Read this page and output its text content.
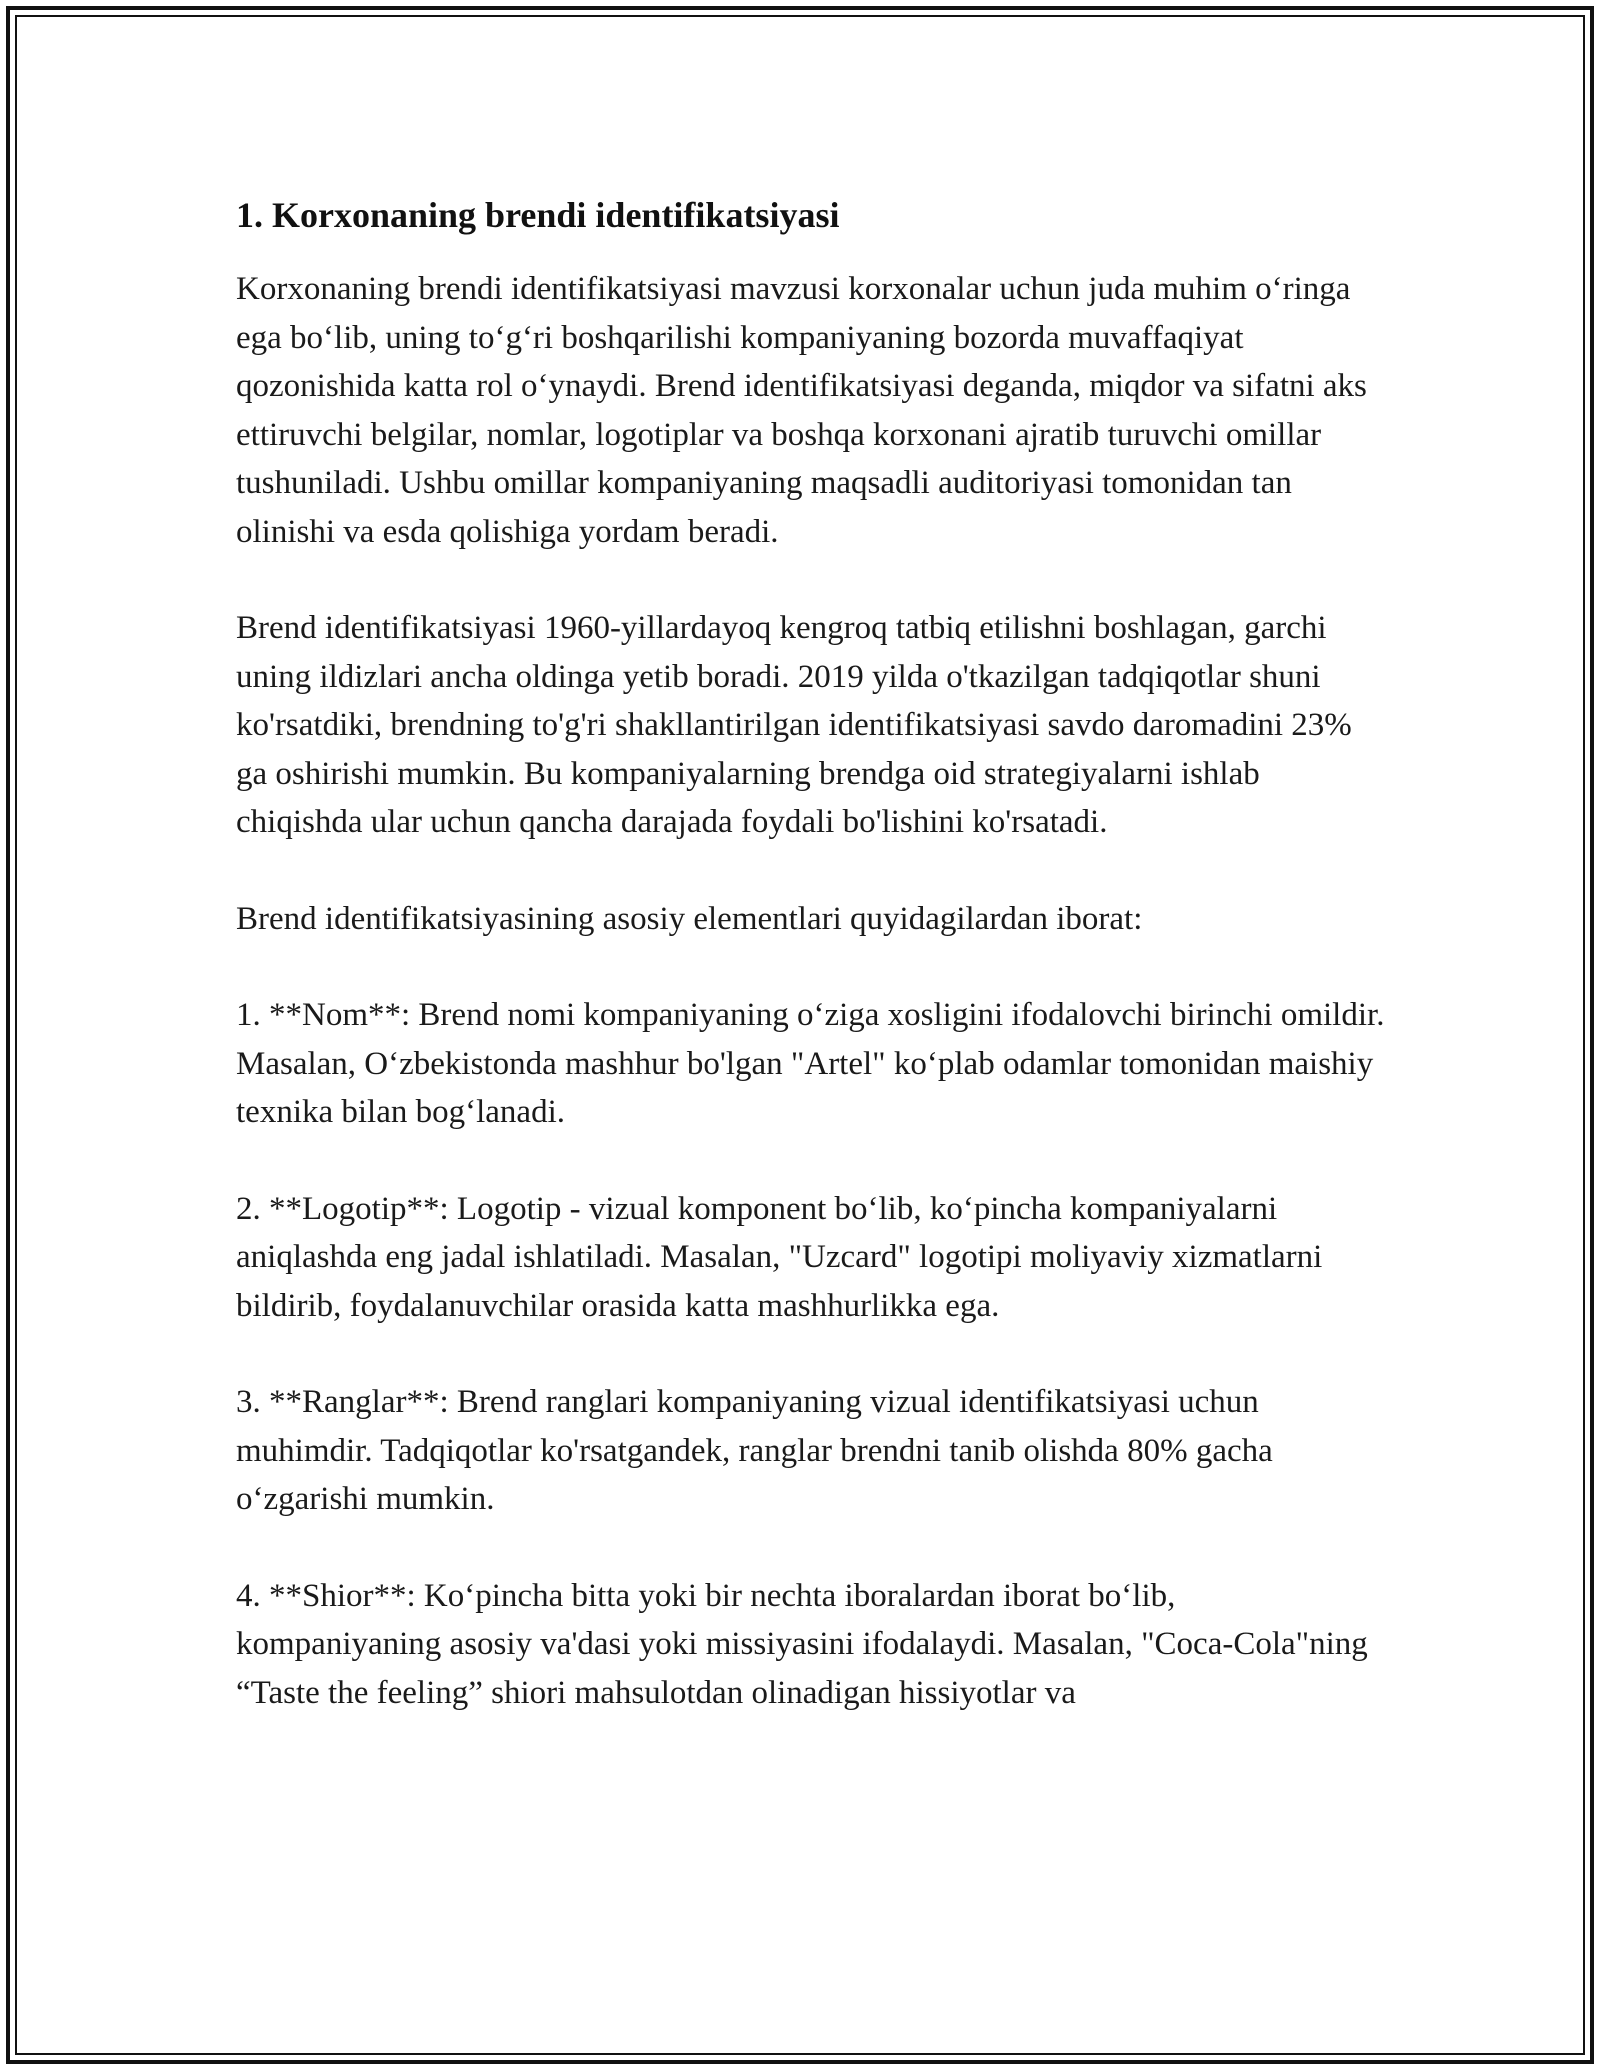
1. Korxonaning brendi identifikatsiyasi

Korxonaning brendi identifikatsiyasi mavzusi korxonalar uchun juda muhim o‘ringa ega bo‘lib, uning to‘g‘ri boshqarilishi kompaniyaning bozorda muvaffaqiyat qozonishida katta rol o‘ynaydi. Brend identifikatsiyasi deganda, miqdor va sifatni aks ettiruvchi belgilar, nomlar, logotiplar va boshqa korxonani ajratib turuvchi omillar tushuniladi. Ushbu omillar kompaniyaning maqsadli auditoriyasi tomonidan tan olinishi va esda qolishiga yordam beradi.

Brend identifikatsiyasi 1960-yillardayoq kengroq tatbiq etilishni boshlagan, garchi uning ildizlari ancha oldinga yetib boradi. 2019 yilda o'tkazilgan tadqiqotlar shuni ko'rsatdiki, brendning to'g'ri shakllantirilgan identifikatsiyasi savdo daromadini 23% ga oshirishi mumkin. Bu kompaniyalarning brendga oid strategiyalarni ishlab chiqishda ular uchun qancha darajada foydali bo'lishini ko'rsatadi.

Brend identifikatsiyasining asosiy elementlari quyidagilardan iborat:

1. **Nom**: Brend nomi kompaniyaning o‘ziga xosligini ifodalovchi birinchi omildir. Masalan, O‘zbekistonda mashhur bo'lgan "Artel" ko‘plab odamlar tomonidan maishiy texnika bilan bog‘lanadi.

2. **Logotip**: Logotip - vizual komponent bo‘lib, ko‘pincha kompaniyalarni aniqlashda eng jadal ishlatiladi. Masalan, "Uzcard" logotipi moliyaviy xizmatlarni bildirib, foydalanuvchilar orasida katta mashhurlikka ega.

3. **Ranglar**: Brend ranglari kompaniyaning vizual identifikatsiyasi uchun muhimdir. Tadqiqotlar ko'rsatgandek, ranglar brendni tanib olishda 80% gacha o‘zgarishi mumkin.

4. **Shior**: Ko‘pincha bitta yoki bir nechta iboralardan iborat bo‘lib, kompaniyaning asosiy va'dasi yoki missiyasini ifodalaydi. Masalan, "Coca-Cola"ning “Taste the feeling” shiori mahsulotdan olinadigan hissiyotlar va
